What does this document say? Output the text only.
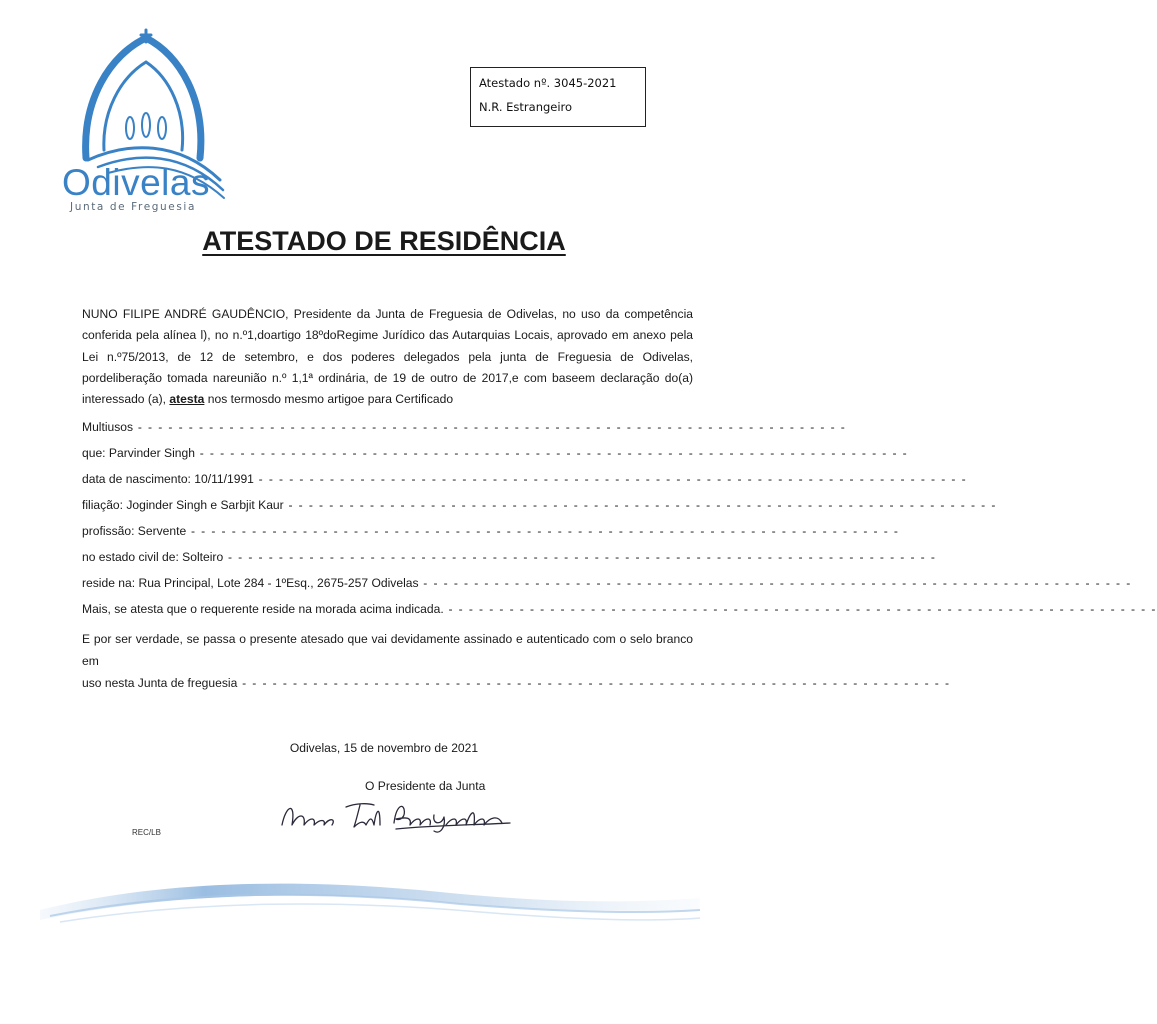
Odivelas
Junta de Freguesia
Atestado nº. 3045-2021
N.R. Estrangeiro
ATESTADO DE RESIDÊNCIA
NUNO FILIPE ANDRÉ GAUDÊNCIO, Presidente da Junta de Freguesia de Odivelas, no uso da competência conferida pela alínea l), no n.º1,doartigo 18ºdoRegime Jurídico das Autarquias Locais, aprovado em anexo pela Lei n.º75/2013, de 12 de setembro, e dos poderes delegados pela junta de Freguesia de Odivelas, pordeliberação tomada nareunião n.º 1,1ª ordinária, de 19 de outro de 2017,e com baseem declaração do(a) interessado (a), atesta nos termosdo mesmo artigoe para Certificado
Multiusos - - - - - - - - - - - - - - - - - - - - - - - - - - - - - - - - - - - - - - - - - - - - - - - - - - - - - - - - - - - - - - - - - - - - - -
que: Parvinder Singh - - - - - - - - - - - - - - - - - - - - - - - - - - - - - - - - - - - - - - - - - - - - - - - - - - - - - - - - - - - - - - - - - - - - - -
data de nascimento: 10/11/1991 - - - - - - - - - - - - - - - - - - - - - - - - - - - - - - - - - - - - - - - - - - - - - - - - - - - - - - - - - - - - - - - - - - - - - -
filiação: Joginder Singh e Sarbjit Kaur - - - - - - - - - - - - - - - - - - - - - - - - - - - - - - - - - - - - - - - - - - - - - - - - - - - - - - - - - - - - - - - - - - - - - -
profissão: Servente - - - - - - - - - - - - - - - - - - - - - - - - - - - - - - - - - - - - - - - - - - - - - - - - - - - - - - - - - - - - - - - - - - - - - -
no estado civil de: Solteiro - - - - - - - - - - - - - - - - - - - - - - - - - - - - - - - - - - - - - - - - - - - - - - - - - - - - - - - - - - - - - - - - - - - - - -
reside na: Rua Principal, Lote 284 - 1ºEsq., 2675-257 Odivelas - - - - - - - - - - - - - - - - - - - - - - - - - - - - - - - - - - - - - - - - - - - - - - - - - - - - - - - - - - - - - - - - - - - - - -
Mais, se atesta que o requerente reside na morada acima indicada. - - - - - - - - - - - - - - - - - - - - - - - - - - - - - - - - - - - - - - - - - - - - - - - - - - - - - - - - - - - - - - - - - - - - - -
E por ser verdade, se passa o presente atesado que vai devidamente assinado e autenticado com o selo branco em
uso nesta Junta de freguesia - - - - - - - - - - - - - - - - - - - - - - - - - - - - - - - - - - - - - - - - - - - - - - - - - - - - - - - - - - - - - - - - - - - - - -
Odivelas, 15 de novembro de 2021
O Presidente da Junta
REC/LB
